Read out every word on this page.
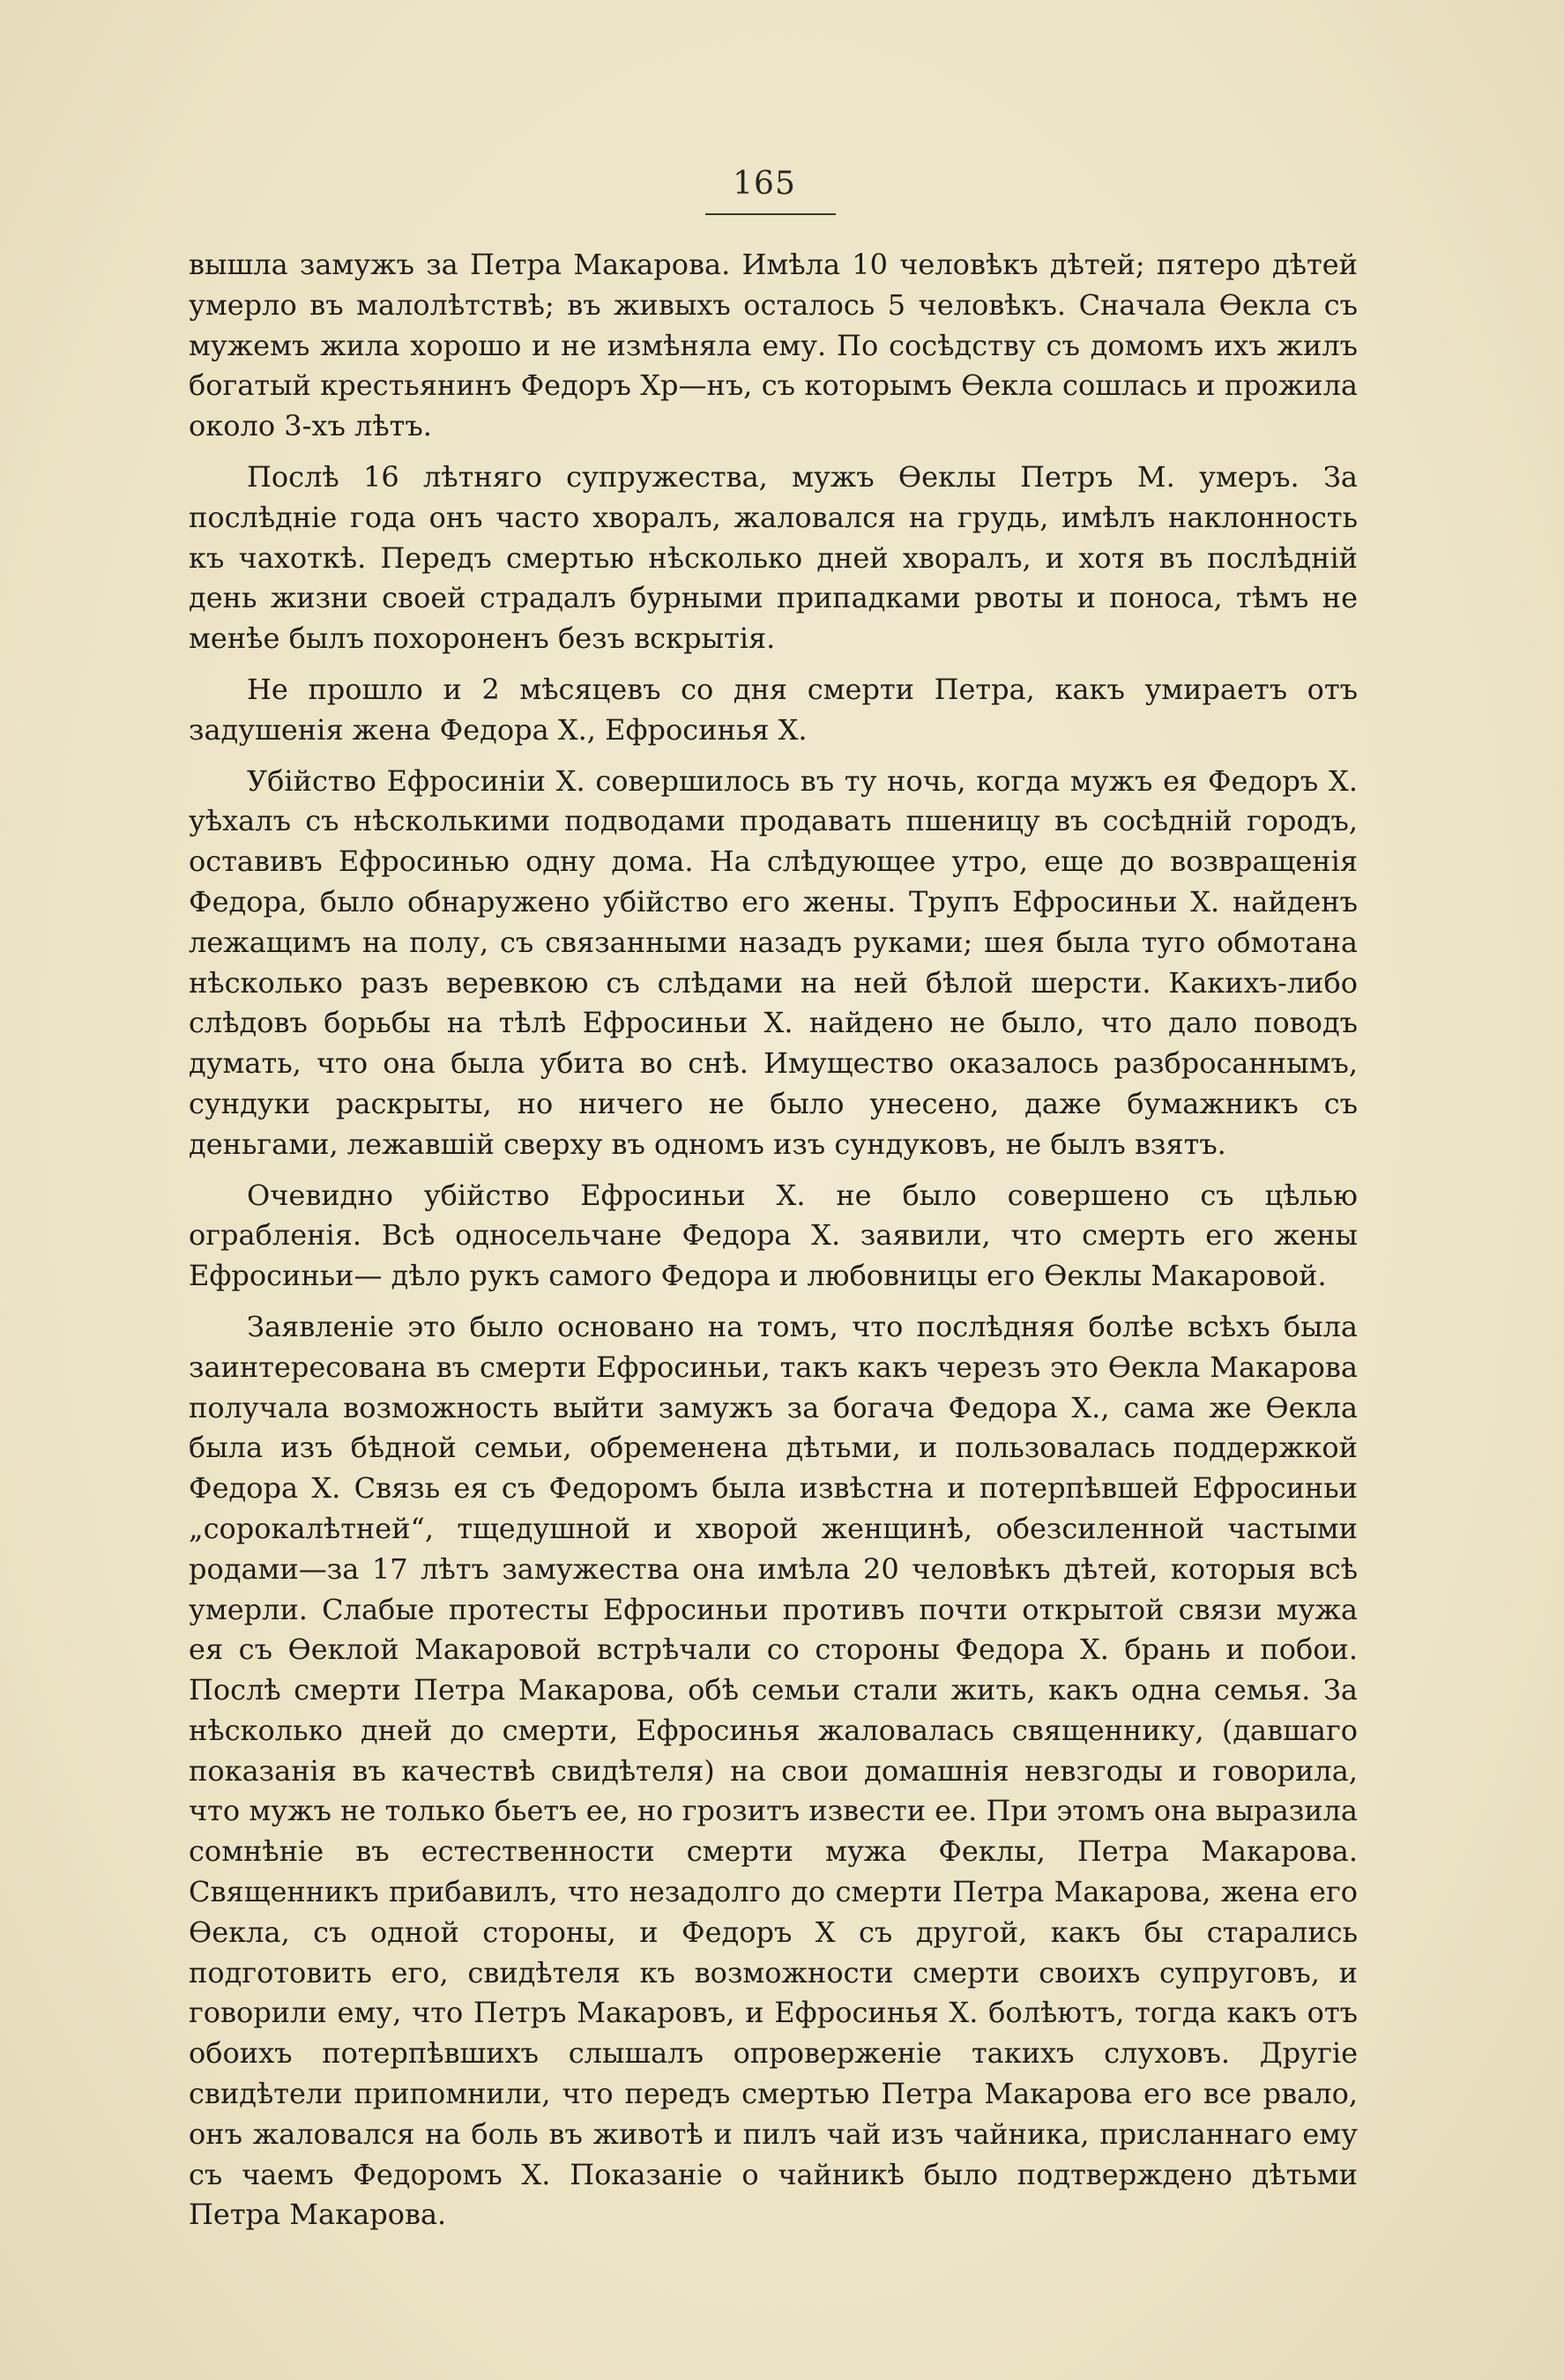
165

вышла замужъ за Петра Макарова. Имѣла 10 человѣкъ дѣтей; пятеро дѣтей умерло въ малолѣтствѣ; въ живыхъ осталось 5 человѣкъ. Сначала Ѳекла съ мужемъ жила хорошо и не измѣняла ему. По сосѣдству съ домомъ ихъ жилъ богатый крестьянинъ Федоръ Хр—нъ, съ которымъ Ѳекла сошлась и прожила около 3-хъ лѣтъ.

Послѣ 16 лѣтняго супружества, мужъ Ѳеклы Петръ М. умеръ. За послѣдніе года онъ часто хворалъ, жаловался на грудь, имѣлъ наклонность къ чахоткѣ. Передъ смертью нѣсколько дней хворалъ, и хотя въ послѣдній день жизни своей страдалъ бурными припадками рвоты и поноса, тѣмъ не менѣе былъ похороненъ безъ вскрытія.

Не прошло и 2 мѣсяцевъ со дня смерти Петра, какъ умираетъ отъ задушенія жена Федора Х., Ефросинья Х.

Убійство Ефросиніи Х. совершилось въ ту ночь, когда мужъ ея Федоръ Х. уѣхалъ съ нѣсколькими подводами продавать пшеницу въ сосѣдній городъ, оставивъ Ефросинью одну дома. На слѣдующее утро, еще до возвращенія Федора, было обнаружено убійство его жены. Трупъ Ефросиньи Х. найденъ лежащимъ на полу, съ связанными назадъ руками; шея была туго обмотана нѣсколько разъ веревкою съ слѣдами на ней бѣлой шерсти. Какихъ-либо слѣдовъ борьбы на тѣлѣ Ефросиньи Х. найдено не было, что дало поводъ думать, что она была убита во снѣ. Имущество оказалось разбросаннымъ, сундуки раскрыты, но ничего не было унесено, даже бумажникъ съ деньгами, лежавшій сверху въ одномъ изъ сундуковъ, не былъ взятъ.

Очевидно убійство Ефросиньи Х. не было совершено съ цѣлью ограбленія. Всѣ односельчане Федора Х. заявили, что смерть его жены Ефросиньи— дѣло рукъ самого Федора и любовницы его Ѳеклы Макаровой.

Заявленіе это было основано на томъ, что послѣдняя болѣе всѣхъ была заинтересована въ смерти Ефросиньи, такъ какъ черезъ это Ѳекла Макарова получала возможность выйти замужъ за богача Федора Х., сама же Ѳекла была изъ бѣдной семьи, обременена дѣтьми, и пользовалась поддержкой Федора Х. Связь ея съ Федоромъ была извѣстна и потерпѣвшей Ефросиньи „сорокалѣтней“, тщедушной и хворой женщинѣ, обезсиленной частыми родами—за 17 лѣтъ замужества она имѣла 20 человѣкъ дѣтей, которыя всѣ умерли. Слабые протесты Ефросиньи противъ почти открытой связи мужа ея съ Ѳеклой Макаровой встрѣчали со стороны Федора Х. брань и побои. Послѣ смерти Петра Макарова, обѣ семьи стали жить, какъ одна семья. За нѣсколько дней до смерти, Ефросинья жаловалась священнику, (давшаго показанія въ качествѣ свидѣтеля) на свои домашнія невзгоды и говорила, что мужъ не только бьетъ ее, но грозитъ извести ее. При этомъ она выразила сомнѣніе въ естественности смерти мужа Феклы, Петра Макарова. Священникъ прибавилъ, что незадолго до смерти Петра Макарова, жена его Ѳекла, съ одной стороны, и Федоръ Х съ другой, какъ бы старались подготовить его, свидѣтеля къ возможности смерти своихъ супруговъ, и говорили ему, что Петръ Макаровъ, и Ефросинья Х. болѣютъ, тогда какъ отъ обоихъ потерпѣвшихъ слышалъ опроверженіе такихъ слуховъ. Другіе свидѣтели припомнили, что передъ смертью Петра Макарова его все рвало, онъ жаловался на боль въ животѣ и пилъ чай изъ чайника, присланнаго ему съ чаемъ Федоромъ Х. Показаніе о чайникѣ было подтверждено дѣтьми Петра Макарова.
